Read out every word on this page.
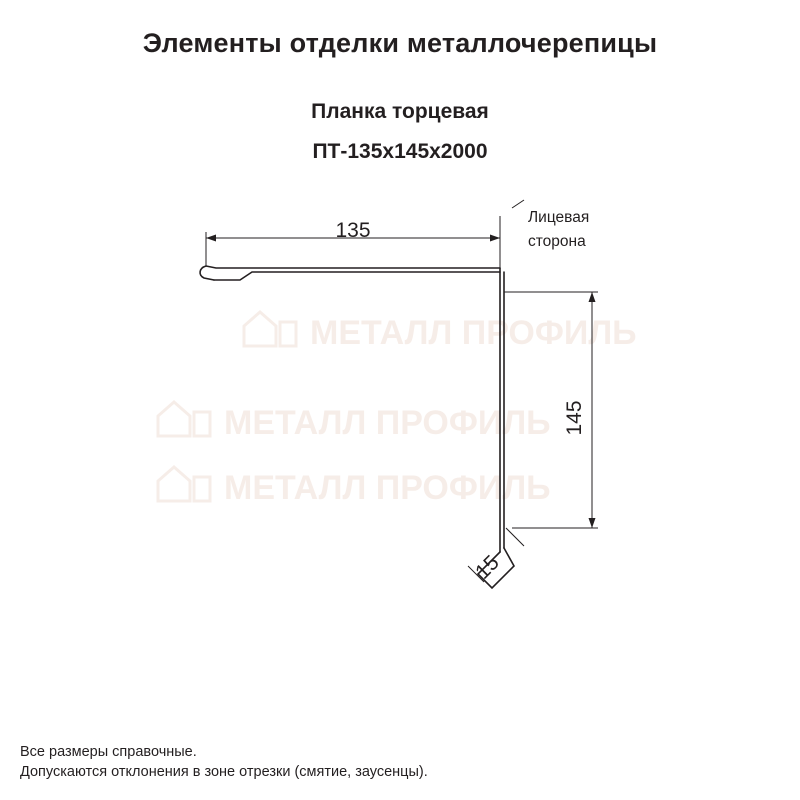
Элементы отделки металлочерепицы
Планка торцевая
ПТ-135х145х2000
МЕТАЛЛ ПРОФИЛЬ
МЕТАЛЛ ПРОФИЛЬ
МЕТАЛЛ ПРОФИЛЬ
135
145
15
Лицевая
сторона
Все размеры справочные.
Допускаются отклонения в зоне отрезки (смятие, заусенцы).
